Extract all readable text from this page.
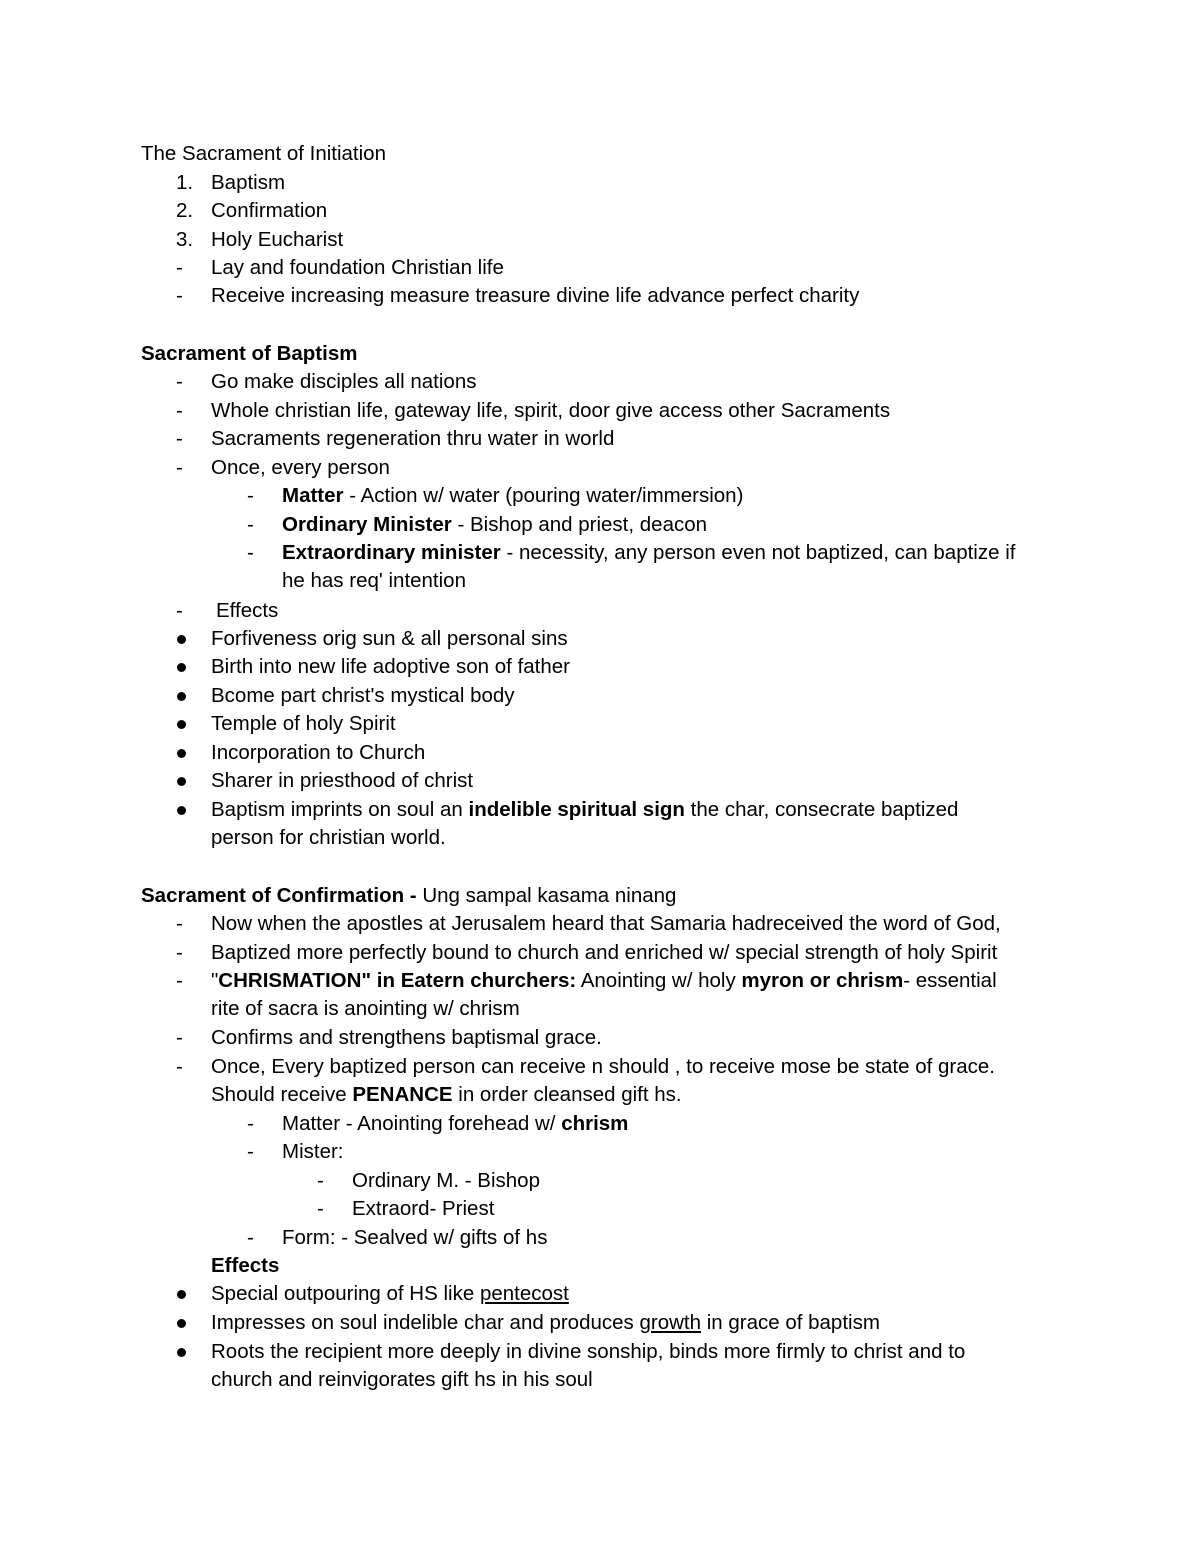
The Sacrament of Initiation
1. Baptism
2. Confirmation
3. Holy Eucharist
- Lay and foundation Christian life
- Receive increasing measure treasure divine life advance perfect charity
Sacrament of Baptism
- Go make disciples all nations
- Whole christian life, gateway life, spirit, door give access other Sacraments
- Sacraments regeneration thru water in world
- Once, every person
- Matter - Action w/ water (pouring water/immersion)
- Ordinary Minister - Bishop and priest, deacon
- Extraordinary minister - necessity, any person even not baptized, can baptize if
he has req' intention
- Effects
Forfiveness orig sun & all personal sins
Birth into new life adoptive son of father
Bcome part christ's mystical body
Temple of holy Spirit
Incorporation to Church
Sharer in priesthood of christ
Baptism imprints on soul an indelible spiritual sign the char, consecrate baptized
person for christian world.
Sacrament of Confirmation - Ung sampal kasama ninang
- Now when the apostles at Jerusalem heard that Samaria hadreceived the word of God,
- Baptized more perfectly bound to church and enriched w/ special strength of holy Spirit
- "CHRISMATION" in Eatern churchers: Anointing w/ holy myron or chrism- essential
rite of sacra is anointing w/ chrism
- Confirms and strengthens baptismal grace.
- Once, Every baptized person can receive n should , to receive mose be state of grace.
Should receive PENANCE in order cleansed gift hs.
- Matter - Anointing forehead w/ chrism
- Mister:
- Ordinary M. - Bishop
- Extraord- Priest
- Form: - Sealved w/ gifts of hs
Effects
Special outpouring of HS like pentecost
Impresses on soul indelible char and produces growth in grace of baptism
Roots the recipient more deeply in divine sonship, binds more firmly to christ and to
church and reinvigorates gift hs in his soul
